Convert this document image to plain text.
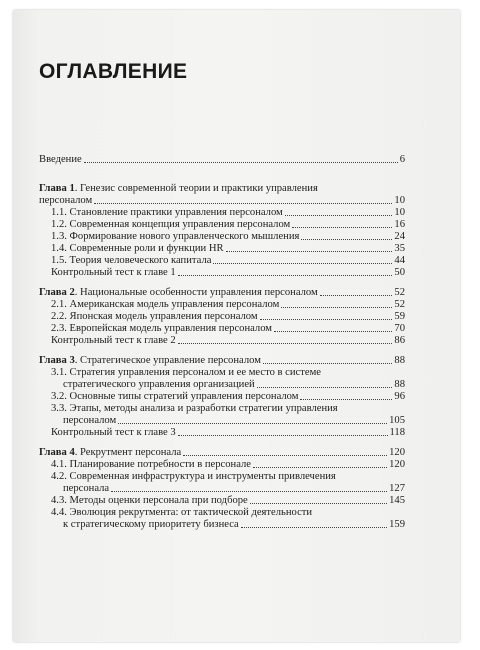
ОГЛАВЛЕНИЕ
Введение	6
Глава 1. Генезис современной теории и практики управления
персоналом	10
1.1. Становление практики управления персоналом	10
1.2. Современная концепция управления персоналом	16
1.3. Формирование нового управленческого мышления	24
1.4. Современные роли и функции HR	35
1.5. Теория человеческого капитала	44
Контрольный тест к главе 1	50
Глава 2. Национальные особенности управления персоналом	52
2.1. Американская модель управления персоналом	52
2.2. Японская модель управления персоналом	59
2.3. Европейская модель управления персоналом	70
Контрольный тест к главе 2	86
Глава 3. Стратегическое управление персоналом	88
3.1. Стратегия управления персоналом и ее место в системе
стратегического управления организацией	88
3.2. Основные типы стратегий управления персоналом	96
3.3. Этапы, методы анализа и разработки стратегии управления
персоналом	105
Контрольный тест к главе 3	118
Глава 4. Рекрутмент персонала	120
4.1. Планирование потребности в персонале	120
4.2. Современная инфраструктура и инструменты привлечения
персонала	127
4.3. Методы оценки персонала при подборе	145
4.4. Эволюция рекрутмента: от тактической деятельности
к стратегическому приоритету бизнеса	159
